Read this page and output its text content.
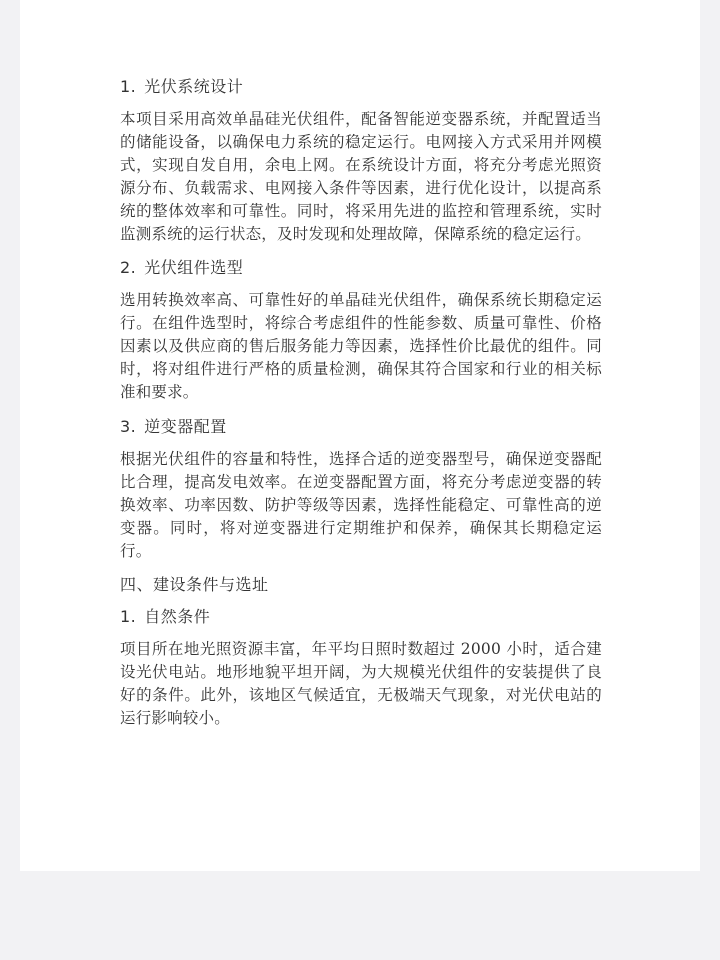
1. 光伏系统设计

本项目采用高效单晶硅光伏组件，配备智能逆变器系统，并配置适当的储能设备，以确保电力系统的稳定运行。电网接入方式采用并网模式，实现自发自用，余电上网。在系统设计方面，将充分考虑光照资源分布、负载需求、电网接入条件等因素，进行优化设计，以提高系统的整体效率和可靠性。同时，将采用先进的监控和管理系统，实时监测系统的运行状态，及时发现和处理故障，保障系统的稳定运行。

2. 光伏组件选型

选用转换效率高、可靠性好的单晶硅光伏组件，确保系统长期稳定运行。在组件选型时，将综合考虑组件的性能参数、质量可靠性、价格因素以及供应商的售后服务能力等因素，选择性价比最优的组件。同时，将对组件进行严格的质量检测，确保其符合国家和行业的相关标准和要求。

3. 逆变器配置

根据光伏组件的容量和特性，选择合适的逆变器型号，确保逆变器配比合理，提高发电效率。在逆变器配置方面，将充分考虑逆变器的转换效率、功率因数、防护等级等因素，选择性能稳定、可靠性高的逆变器。同时，将对逆变器进行定期维护和保养，确保其长期稳定运行。

四、建设条件与选址
1. 自然条件

项目所在地光照资源丰富，年平均日照时数超过 2000 小时，适合建设光伏电站。地形地貌平坦开阔，为大规模光伏组件的安装提供了良好的条件。此外，该地区气候适宜，无极端天气现象，对光伏电站的运行影响较小。
